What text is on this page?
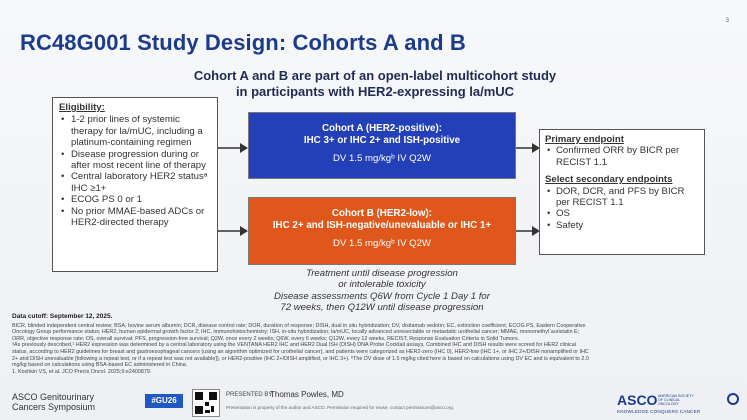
3
RC48G001 Study Design: Cohorts A and B
Cohort A and B are part of an open-label multicohort study
in participants with HER2-expressing la/mUC
Eligibility:
• 1-2 prior lines of systemic therapy for la/mUC, including a platinum-containing regimen
• Disease progression during or after most recent line of therapy
• Central laboratory HER2 statusᵃ IHC ≥1+
• ECOG PS 0 or 1
• No prior MMAE-based ADCs or HER2-directed therapy
Cohort A (HER2-positive):
IHC 3+ or IHC 2+ and ISH-positive
DV 1.5 mg/kgᵇ IV Q2W
Cohort B (HER2-low):
IHC 2+ and ISH-negative/unevaluable or IHC 1+
DV 1.5 mg/kgᵇ IV Q2W
Primary endpoint
• Confirmed ORR by BICR per RECIST 1.1
Select secondary endpoints
• DOR, DCR, and PFS by BICR per RECIST 1.1
• OS
• Safety
Treatment until disease progression
or intolerable toxicity
Disease assessments Q6W from Cycle 1 Day 1 for
72 weeks, then Q12W until disease progression
Data cutoff: September 12, 2025.
BICR, blinded independent central review; BSA, bovine serum albumin; DCR, disease control rate; DOR, duration of response; DISH, dual in situ hybridization; DV, disitamab vedotin; EC, extinction coefficient; ECOG PS, Eastern Cooperative
Oncology Group performance status; HER2, human epidermal growth factor 2; IHC, immunohistochemistry; ISH, in-situ hybridization; la/mUC, locally advanced unresectable or metastatic urothelial cancer; MMAE, monomethyl auristatin E;
ORR, objective response rate; OS, overall survival; PFS, progression-free survival; Q2W, once every 2 weeks; Q6W, every 6 weeks; Q12W, every 12 weeks, RECIST, Response Evaluation Criteria in Solid Tumors.
ᵃAs previously described,¹ HER2 expression was determined by a central laboratory using the VENTANA HER2 IHC and HER2 Dual ISH (DISH) DNA Probe Cocktail assays. Combined IHC and DISH results were scored for HER2 clinical
status, according to HER2 guidelines for breast and gastroesophageal cancers (using an algorithm optimized for urothelial cancer), and patients were categorized as HER2-zero (IHC 0), HER2-low (IHC 1+, or IHC 2+/DISH nonamplified or IHC
2+ and DISH unevaluable [following a repeat test, or if a repeat test was not available]), or HER2-positive (IHC 2+/DISH amplified, or IHC 3+). ᵇThe DV dose of 1.5 mg/kg cited here is based on calculations using DV EC and is equivalent to 2.0
mg/kg based on calculations using BSA-based EC administered in China.
1. Koshkin VS, et al. JCO Precis Oncol. 2025;9:e2400879.
ASCO Genitourinary
Cancers Symposium
#GU26
PRESENTED BY:
Thomas Powles, MD
Presentation is property of the author and ASCO. Permission required for reuse; contact permissions@asco.org.	ASCO AMERICAN SOCIETY OF CLINICAL ONCOLOGY
KNOWLEDGE CONQUERS CANCER
